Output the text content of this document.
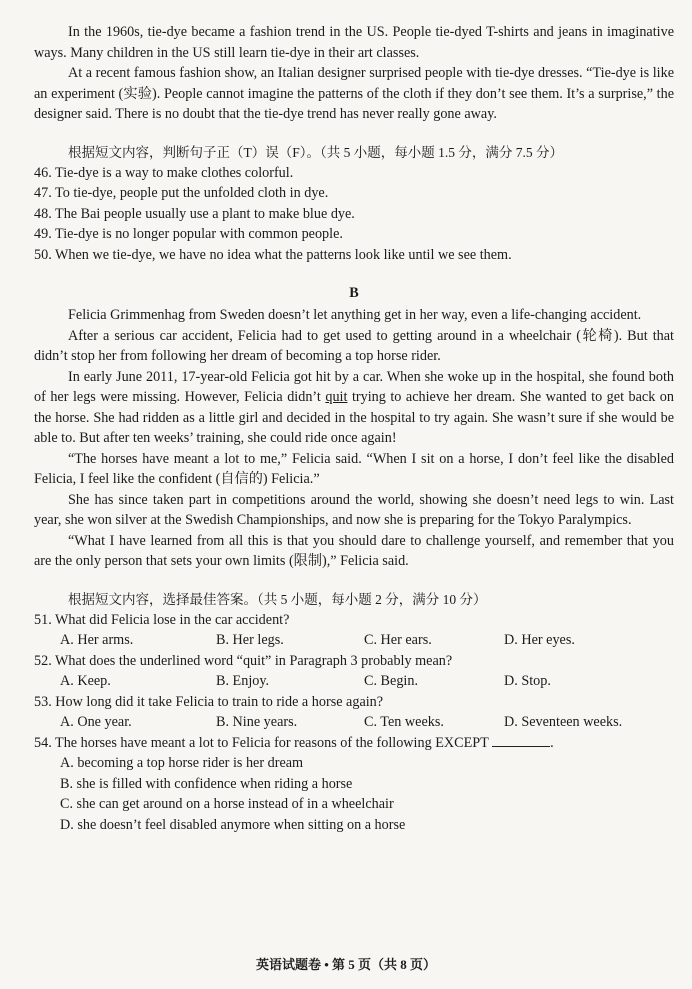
In the 1960s, tie-dye became a fashion trend in the US. People tie-dyed T-shirts and jeans in imaginative ways. Many children in the US still learn tie-dye in their art classes.

At a recent famous fashion show, an Italian designer surprised people with tie-dye dresses. “Tie-dye is like an experiment (实验). People cannot imagine the patterns of the cloth if they don’t see them. It’s a surprise,” the designer said. There is no doubt that the tie-dye trend has never really gone away.

根据短文内容，判断句子正（T）误（F）。（共 5 小题，每小题 1.5 分，满分 7.5 分）

46. Tie-dye is a way to make clothes colorful.

47. To tie-dye, people put the unfolded cloth in dye.

48. The Bai people usually use a plant to make blue dye.

49. Tie-dye is no longer popular with common people.

50. When we tie-dye, we have no idea what the patterns look like until we see them.

B

Felicia Grimmenhag from Sweden doesn’t let anything get in her way, even a life-changing accident.

After a serious car accident, Felicia had to get used to getting around in a wheelchair (轮椅). But that didn’t stop her from following her dream of becoming a top horse rider.

In early June 2011, 17-year-old Felicia got hit by a car. When she woke up in the hospital, she found both of her legs were missing. However, Felicia didn’t quit trying to achieve her dream. She wanted to get back on the horse. She had ridden as a little girl and decided in the hospital to try again. She wasn’t sure if she would be able to. But after ten weeks’ training, she could ride once again!

“The horses have meant a lot to me,” Felicia said. “When I sit on a horse, I don’t feel like the disabled Felicia, I feel like the confident (自信的) Felicia.”

She has since taken part in competitions around the world, showing she doesn’t need legs to win. Last year, she won silver at the Swedish Championships, and now she is preparing for the Tokyo Paralympics.

“What I have learned from all this is that you should dare to challenge yourself, and remember that you are the only person that sets your own limits (限制),” Felicia said.

根据短文内容，选择最佳答案。（共 5 小题，每小题 2 分，满分 10 分）

51. What did Felicia lose in the car accident?

A. Her arms.	B. Her legs.	C. Her ears.	D. Her eyes.

52. What does the underlined word “quit” in Paragraph 3 probably mean?

A. Keep.	B. Enjoy.	C. Begin.	D. Stop.

53. How long did it take Felicia to train to ride a horse again?

A. One year.	B. Nine years.	C. Ten weeks.	D. Seventeen weeks.

54. The horses have meant a lot to Felicia for reasons of the following EXCEPT	.

A. becoming a top horse rider is her dream

B. she is filled with confidence when riding a horse

C. she can get around on a horse instead of in a wheelchair

D. she doesn’t feel disabled anymore when sitting on a horse

英语试题卷 • 第 5 页（共 8 页）
